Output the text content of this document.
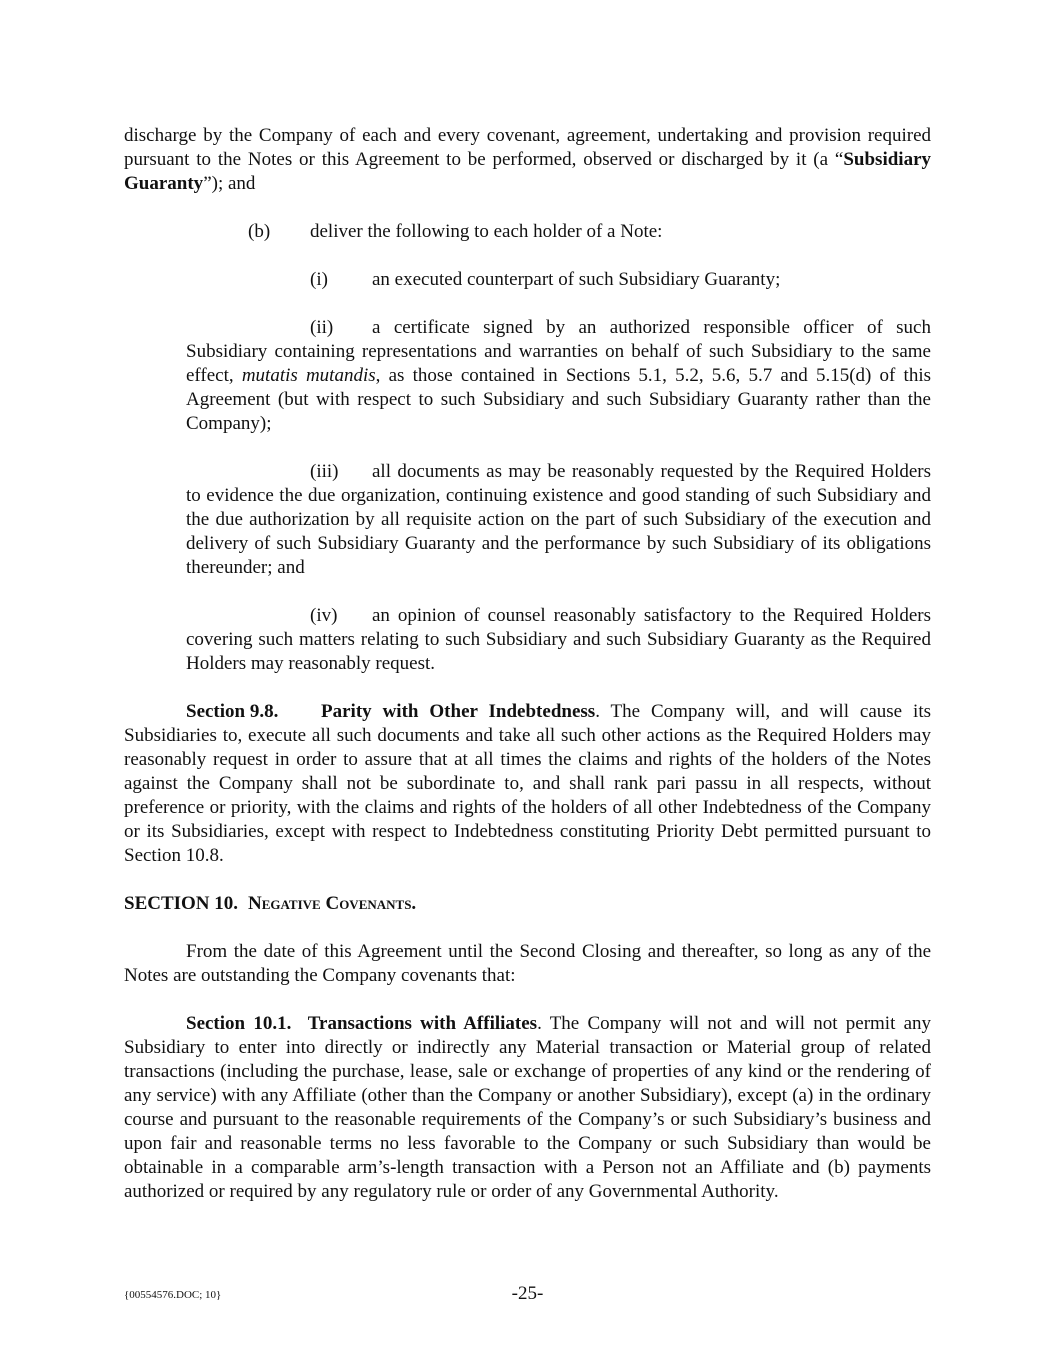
discharge by the Company of each and every covenant, agreement, undertaking and provision required pursuant to the Notes or this Agreement to be performed, observed or discharged by it (a “Subsidiary Guaranty”); and

(b) deliver the following to each holder of a Note:

(i) an executed counterpart of such Subsidiary Guaranty;

(ii) a certificate signed by an authorized responsible officer of such Subsidiary containing representations and warranties on behalf of such Subsidiary to the same effect, mutatis mutandis, as those contained in Sections 5.1, 5.2, 5.6, 5.7 and 5.15(d) of this Agreement (but with respect to such Subsidiary and such Subsidiary Guaranty rather than the Company);

(iii) all documents as may be reasonably requested by the Required Holders to evidence the due organization, continuing existence and good standing of such Subsidiary and the due authorization by all requisite action on the part of such Subsidiary of the execution and delivery of such Subsidiary Guaranty and the performance by such Subsidiary of its obligations thereunder; and

(iv) an opinion of counsel reasonably satisfactory to the Required Holders covering such matters relating to such Subsidiary and such Subsidiary Guaranty as the Required Holders may reasonably request.

Section 9.8. Parity with Other Indebtedness. The Company will, and will cause its Subsidiaries to, execute all such documents and take all such other actions as the Required Holders may reasonably request in order to assure that at all times the claims and rights of the holders of the Notes against the Company shall not be subordinate to, and shall rank pari passu in all respects, without preference or priority, with the claims and rights of the holders of all other Indebtedness of the Company or its Subsidiaries, except with respect to Indebtedness constituting Priority Debt permitted pursuant to Section 10.8.

SECTION 10. Negative Covenants.

From the date of this Agreement until the Second Closing and thereafter, so long as any of the Notes are outstanding the Company covenants that:

Section 10.1. Transactions with Affiliates. The Company will not and will not permit any Subsidiary to enter into directly or indirectly any Material transaction or Material group of related transactions (including the purchase, lease, sale or exchange of properties of any kind or the rendering of any service) with any Affiliate (other than the Company or another Subsidiary), except (a) in the ordinary course and pursuant to the reasonable requirements of the Company’s or such Subsidiary’s business and upon fair and reasonable terms no less favorable to the Company or such Subsidiary than would be obtainable in a comparable arm’s-length transaction with a Person not an Affiliate and (b) payments authorized or required by any regulatory rule or order of any Governmental Authority.

{00554576.DOC; 10}	-25-
